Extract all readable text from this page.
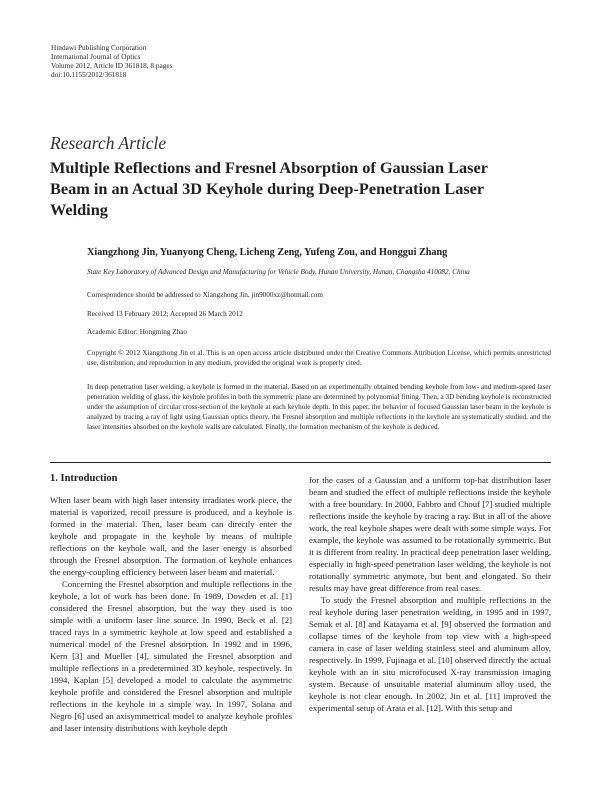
Hindawi Publishing Corporation
International Journal of Optics
Volume 2012, Article ID 361818, 8 pages
doi:10.1155/2012/361818
Research Article
Multiple Reflections and Fresnel Absorption of Gaussian Laser Beam in an Actual 3D Keyhole during Deep-Penetration Laser Welding
Xiangzhong Jin, Yuanyong Cheng, Licheng Zeng, Yufeng Zou, and Honggui Zhang
State Key Laboratory of Advanced Design and Manufacturing for Vehicle Body, Hunan University, Hunan, Changsha 410082, China
Correspondence should be addressed to Xiangzhong Jin, jin9000xz@hotmail.com
Received 13 February 2012; Accepted 26 March 2012
Academic Editor: Hongming Zhao
Copyright © 2012 Xiangzhong Jin et al. This is an open access article distributed under the Creative Commons Attribution License, which permits unrestricted use, distribution, and reproduction in any medium, provided the original work is properly cited.
In deep penetration laser welding, a keyhole is formed in the material. Based on an experimentally obtained bending keyhole from low- and medium-speed laser penetration welding of glass, the keyhole profiles in both the symmetric plane are determined by polynomial fitting. Then, a 3D bending keyhole is reconstructed under the assumption of circular cross-section of the keyhole at each keyhole depth. In this paper, the behavior of focused Gaussian laser beam in the keyhole is analyzed by tracing a ray of light using Gaussian optics theory, the Fresnel absorption and multiple reflections in the keyhole are systematically studied, and the laser intensities absorbed on the keyhole walls are calculated. Finally, the formation mechanism of the keyhole is deduced.
1. Introduction

When laser beam with high laser intensity irradiates work piece, the material is vaporized, recoil pressure is produced, and a keyhole is formed in the material. Then, laser beam can directly enter the keyhole and propagate in the keyhole by means of multiple reflections on the keyhole wall, and the laser energy is absorbed through the Fresnel absorption. The formation of keyhole enhances the energy-coupling efficiency between laser beam and material.

Concerning the Fresnel absorption and multiple reflections in the keyhole, a lot of work has been done. In 1989, Dowden et al. [1] considered the Fresnel absorption, but the way they used is too simple with a uniform laser line source. In 1990, Beck et al. [2] traced rays in a symmetric keyhole at low speed and established a numerical model of the Fresnel absorption. In 1992 and in 1996, Kern [3] and Mueller [4], simulated the Fresnel absorption and multiple reflections in a predetermined 3D keyhole, respectively. In 1994, Kaplan [5] developed a model to calculate the asymmetric keyhole profile and considered the Fresnel absorption and multiple reflections in the keyhole in a simple way. In 1997, Solana and Negro [6] used an axisymmetrical model to analyze keyhole profiles and laser intensity distributions with keyhole depth

for the cases of a Gaussian and a uniform top-hat distribution laser beam and studied the effect of multiple reflections inside the keyhole with a free boundary. In 2000, Fabbro and Chouf [7] studied multiple reflections inside the keyhole by tracing a ray. But in all of the above work, the real keyhole shapes were dealt with some simple ways. For example, the keyhole was assumed to be rotationally symmetric. But it is different from reality. In practical deep penetration laser welding, especially in high-speed penetration laser welding, the keyhole is not rotationally symmetric anymore, but bent and elongated. So their results may have great difference from real cases.

To study the Fresnel absorption and multiple reflections in the real keyhole during laser penetration welding, in 1995 and in 1997, Semak et al. [8] and Katayama et al. [9] observed the formation and collapse times of the keyhole from top view with a high-speed camera in case of laser welding stainless steel and aluminum alloy, respectively. In 1999, Fujinaga et al. [10] observed directly the actual keyhole with an in situ microfocused X-ray transmission imaging system. Because of unsuitable material aluminum alloy used, the keyhole is not clear enough. In 2002, Jin et al. [11] improved the experimental setup of Arata et al. [12]. With this setup and
